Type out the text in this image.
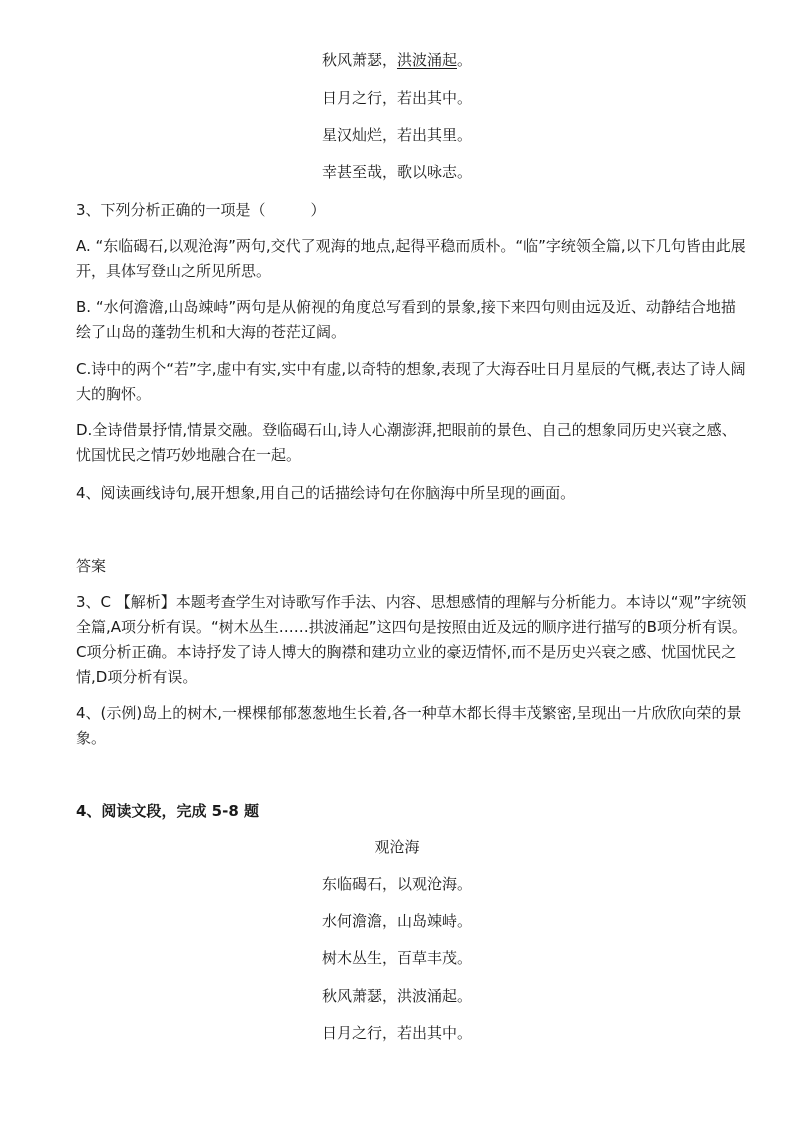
秋风萧瑟，洪波涌起。
日月之行，若出其中。
星汉灿烂，若出其里。
幸甚至哉，歌以咏志。
3、下列分析正确的一项是（　　　）
A. “东临碣石,以观沧海”两句,交代了观海的地点,起得平稳而质朴。“临”字统领全篇,以下几句皆由此展开，具体写登山之所见所思。
B. “水何澹澹,山岛竦峙”两句是从俯视的角度总写看到的景象,接下来四句则由远及近、动静结合地描绘了山岛的蓬勃生机和大海的苍茫辽阔。
C.诗中的两个“若”字,虚中有实,实中有虚,以奇特的想象,表现了大海吞吐日月星辰的气概,表达了诗人阔大的胸怀。
D.全诗借景抒情,情景交融。登临碣石山,诗人心潮澎湃,把眼前的景色、自己的想象同历史兴衰之感、忧国忧民之情巧妙地融合在一起。
4、阅读画线诗句,展开想象,用自己的话描绘诗句在你脑海中所呈现的画面。
答案
3、C 【解析】本题考查学生对诗歌写作手法、内容、思想感情的理解与分析能力。本诗以“观”字统领全篇,A项分析有误。“树木丛生……拱波涌起”这四句是按照由近及远的顺序进行描写的B项分析有误。C项分析正确。本诗抒发了诗人博大的胸襟和建功立业的豪迈情怀,而不是历史兴衰之感、忧国忧民之情,D项分析有误。
4、(示例)岛上的树木,一棵棵郁郁葱葱地生长着,各一种草木都长得丰茂繁密,呈现出一片欣欣向荣的景象。
4、阅读文段，完成 5-8 题
观沧海
东临碣石，以观沧海。
水何澹澹，山岛竦峙。
树木丛生，百草丰茂。
秋风萧瑟，洪波涌起。
日月之行，若出其中。
